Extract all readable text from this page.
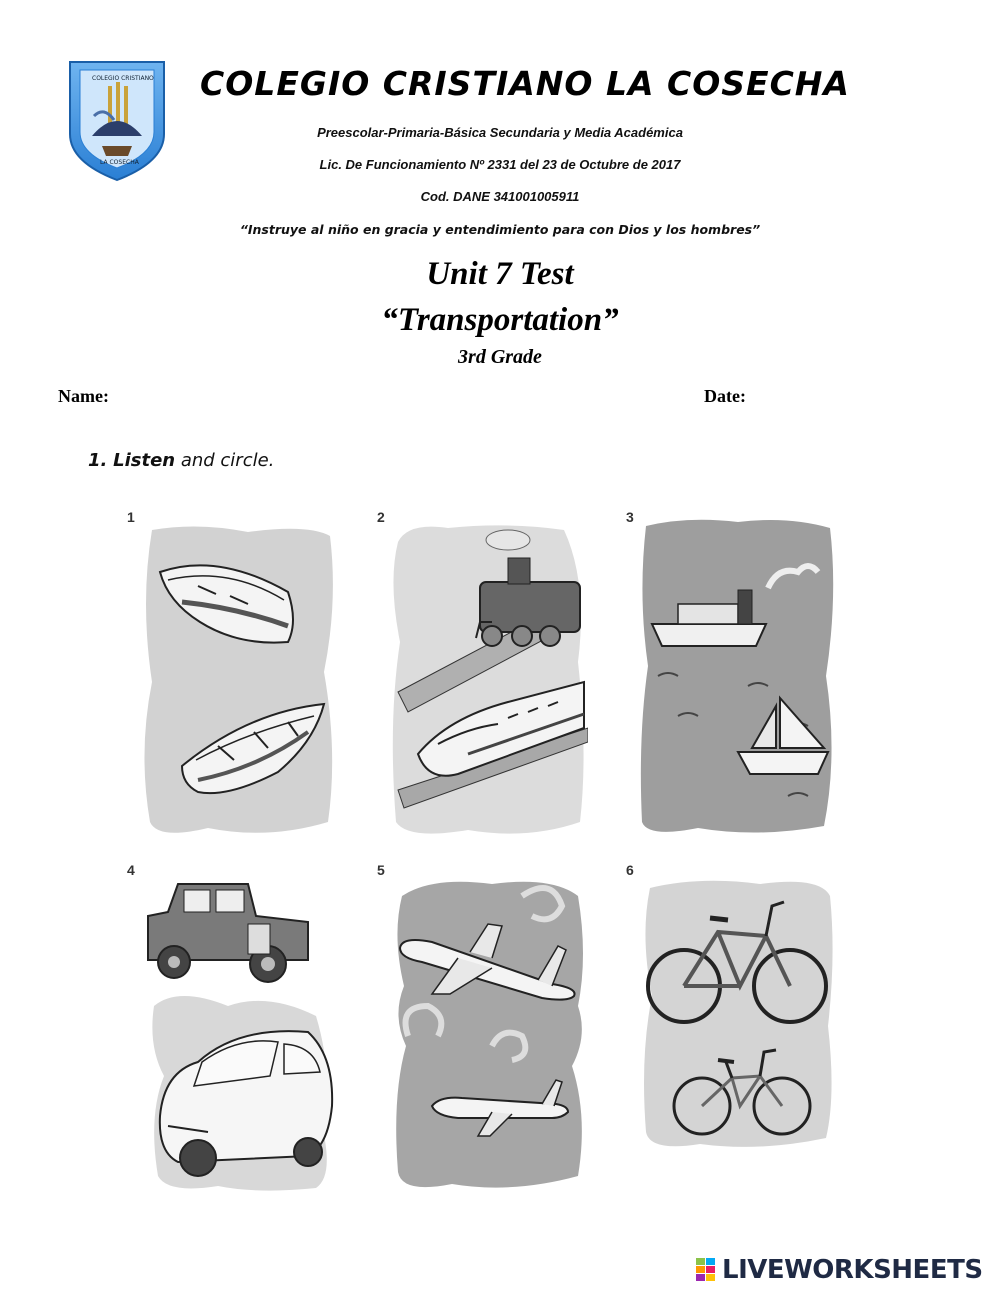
COLEGIO CRISTIANO
LA COSECHA
COLEGIO CRISTIANO LA COSECHA
Preescolar-Primaria-Básica Secundaria y Media Académica
Lic. De Funcionamiento Nº 2331 del 23 de Octubre de 2017
Cod. DANE 341001005911
“Instruye al niño en gracia y entendimiento para con Dios y los hombres”
Unit 7 Test
“Transportation”
3rd Grade
Name:	Date:
1. Listen and circle.
1	2	3
4	5	6
LIVEWORKSHEETS
